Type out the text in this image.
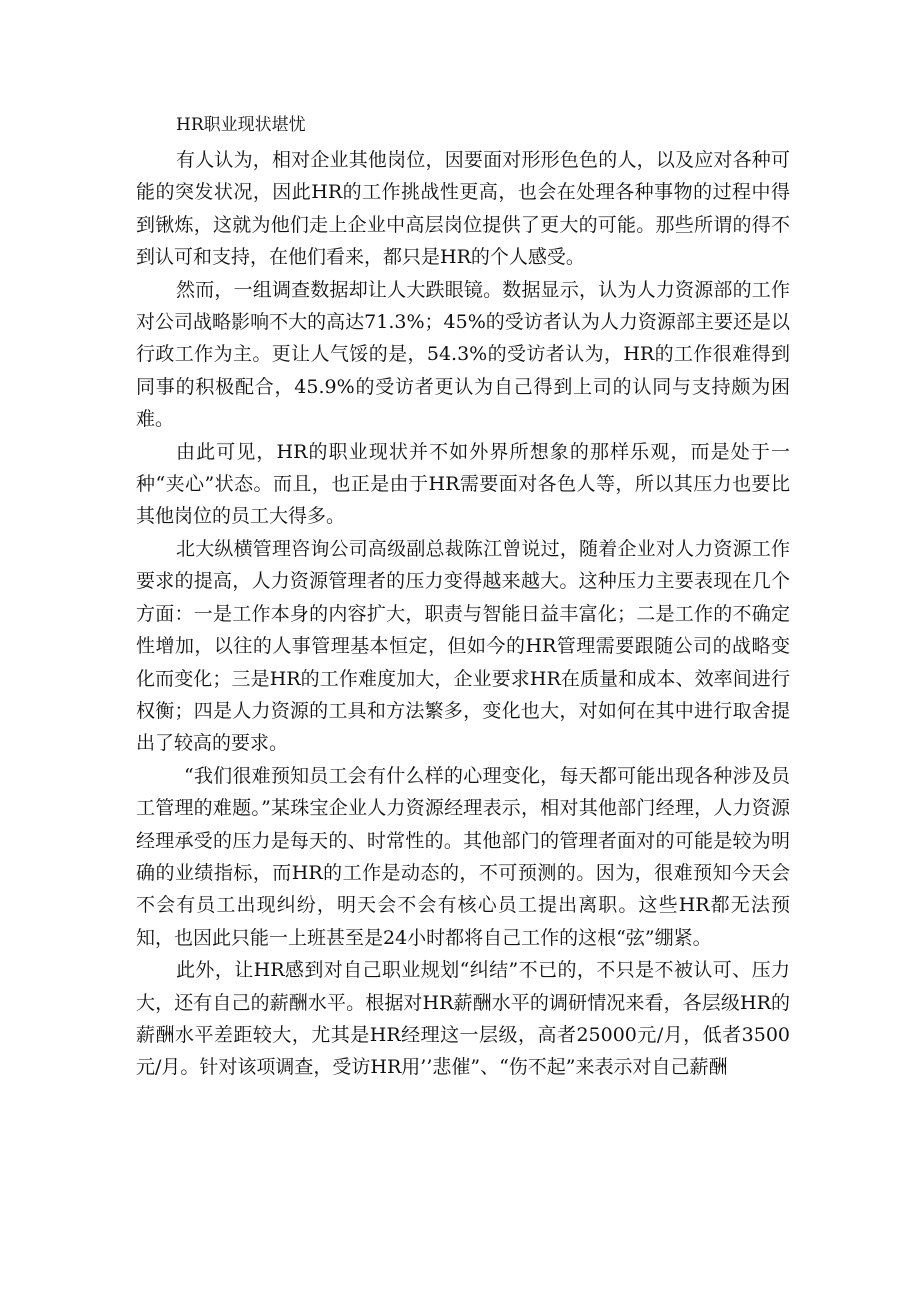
HR职业现状堪忧

有人认为，相对企业其他岗位，因要面对形形色色的人，以及应对各种可能的突发状况，因此HR的工作挑战性更高，也会在处理各种事物的过程中得到锹炼，这就为他们走上企业中高层岗位提供了更大的可能。那些所谓的得不到认可和支持，在他们看来，都只是HR的个人感受。

然而，一组调查数据却让人大跌眼镜。数据显示，认为人力资源部的工作对公司战略影响不大的高达71.3%；45%的受访者认为人力资源部主要还是以行政工作为主。更让人气馁的是，54.3%的受访者认为，HR的工作很难得到同事的积极配合，45.9%的受访者更认为自己得到上司的认同与支持颇为困难。

由此可见，HR的职业现状并不如外界所想象的那样乐观，而是处于一种“夹心”状态。而且，也正是由于HR需要面对各色人等，所以其压力也要比其他岗位的员工大得多。

北大纵横管理咨询公司高级副总裁陈江曾说过，随着企业对人力资源工作要求的提高，人力资源管理者的压力变得越来越大。这种压力主要表现在几个方面：一是工作本身的内容扩大，职责与智能日益丰富化；二是工作的不确定性增加，以往的人事管理基本恒定，但如今的HR管理需要跟随公司的战略变化而变化；三是HR的工作难度加大，企业要求HR在质量和成本、效率间进行权衡；四是人力资源的工具和方法繁多，变化也大，对如何在其中进行取舍提出了较高的要求。

“我们很难预知员工会有什么样的心理变化，每天都可能出现各种涉及员工管理的难题。”某珠宝企业人力资源经理表示，相对其他部门经理，人力资源经理承受的压力是每天的、时常性的。其他部门的管理者面对的可能是较为明确的业绩指标，而HR的工作是动态的，不可预测的。因为，很难预知今天会不会有员工出现纠纷，明天会不会有核心员工提出离职。这些HR都无法预知，也因此只能一上班甚至是24小时都将自己工作的这根“弦”绷紧。

此外，让HR感到对自己职业规划“纠结”不已的，不只是不被认可、压力大，还有自己的薪酬水平。根据对HR薪酬水平的调研情况来看，各层级HR的薪酬水平差距较大，尤其是HR经理这一层级，高者25000元/月，低者3500元/月。针对该项调查，受访HR用’’悲催”、“伤不起”来表示对自己薪酬
